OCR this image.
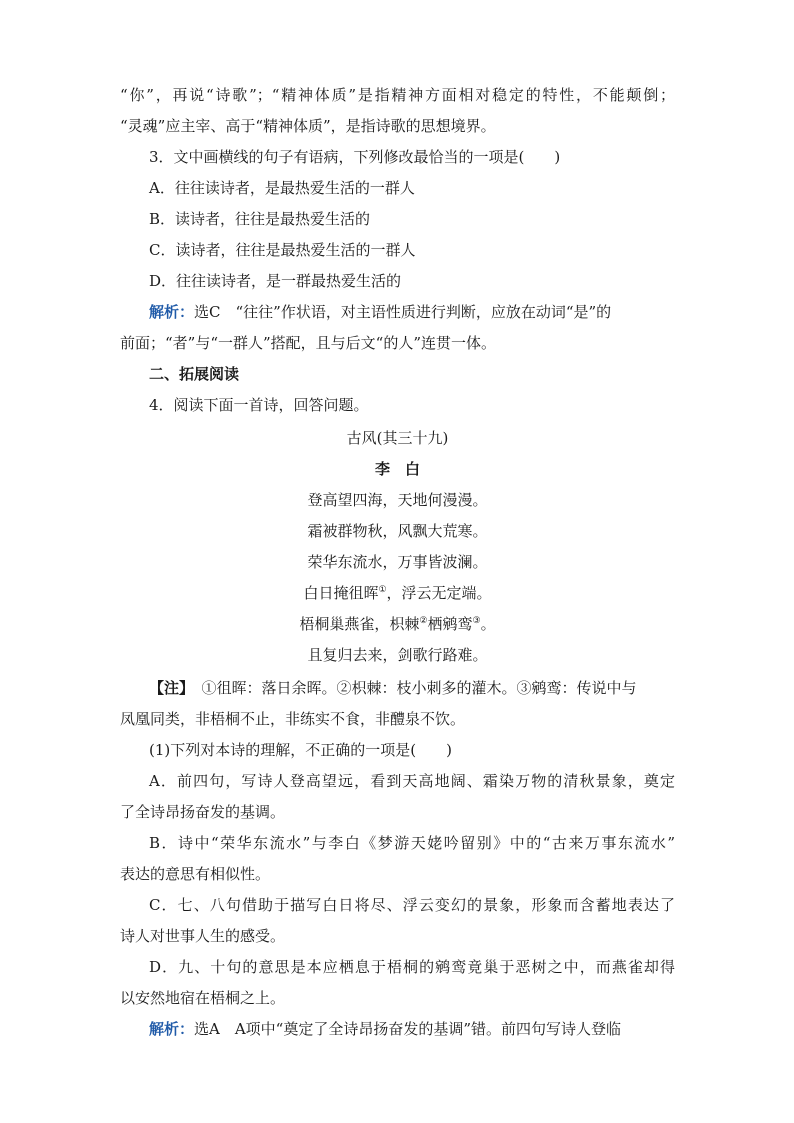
“你”，再说“诗歌”；“精神体质”是指精神方面相对稳定的特性，不能颠倒；
“灵魂”应主宰、高于“精神体质”，是指诗歌的思想境界。
3．文中画横线的句子有语病，下列修改最恰当的一项是(　　)
A．往往读诗者，是最热爱生活的一群人
B．读诗者，往往是最热爱生活的
C．读诗者，往往是最热爱生活的一群人
D．往往读诗者，是一群最热爱生活的
解析：选C　“往往”作状语，对主语性质进行判断，应放在动词“是”的
前面；“者”与“一群人”搭配，且与后文“的人”连贯一体。
二、拓展阅读
4．阅读下面一首诗，回答问题。
古风(其三十九)
李　白
登高望四海，天地何漫漫。
霜被群物秋，风飘大荒寒。
荣华东流水，万事皆波澜。
白日掩徂晖①，浮云无定端。
梧桐巢燕雀，枳棘②栖鹓鸾③。
且复归去来，剑歌行路难。
【注】　①徂晖：落日余晖。②枳棘：枝小刺多的灌木。③鹓鸾：传说中与
凤凰同类，非梧桐不止，非练实不食，非醴泉不饮。
(1)下列对本诗的理解，不正确的一项是(　　)
A．前四句，写诗人登高望远，看到天高地阔、霜染万物的清秋景象，奠定
了全诗昂扬奋发的基调。
B．诗中“荣华东流水”与李白《梦游天姥吟留别》中的“古来万事东流水”
表达的意思有相似性。
C．七、八句借助于描写白日将尽、浮云变幻的景象，形象而含蓄地表达了
诗人对世事人生的感受。
D．九、十句的意思是本应栖息于梧桐的鹓鸾竟巢于恶树之中，而燕雀却得
以安然地宿在梧桐之上。
解析：选A　A项中“奠定了全诗昂扬奋发的基调”错。前四句写诗人登临
